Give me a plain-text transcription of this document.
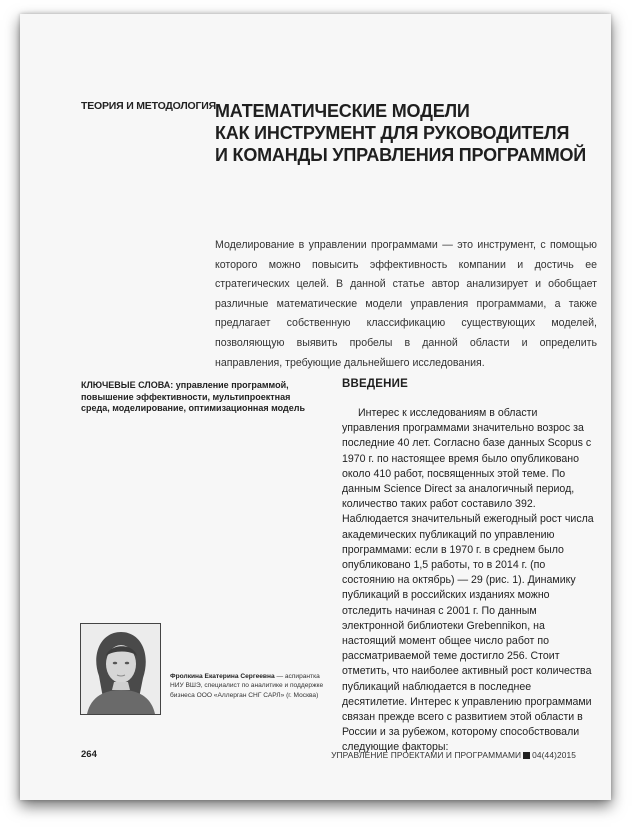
ТЕОРИЯ И МЕТОДОЛОГИЯ МАТЕМАТИЧЕСКИЕ МОДЕЛИ
КАК ИНСТРУМЕНТ ДЛЯ РУКОВОДИТЕЛЯ
И КОМАНДЫ УПРАВЛЕНИЯ ПРОГРАММОЙ

Моделирование в управлении программами — это инструмент, с помощью которого можно повысить эффективность компании и достичь ее стратегических целей. В данной статье автор анализирует и обобщает различные математические модели управления программами, а также предлагает собственную классификацию существующих моделей, позволяющую выявить пробелы в данной области и определить направления, требующие дальнейшего исследования.

КЛЮЧЕВЫЕ СЛОВА: управление программой, повышение эффективности, мультипроектная среда, моделирование, оптимизационная модель

ВВЕДЕНИЕ

Интерес к исследованиям в области управления программами значительно возрос за последние 40 лет. Согласно базе данных Scopus с 1970 г. по настоящее время было опубликовано около 410 работ, посвященных этой теме. По данным Science Direct за аналогичный период, количество таких работ составило 392. Наблюдается значительный ежегодный рост числа академических публикаций по управлению программами: если в 1970 г. в среднем было опубликовано 1,5 работы, то в 2014 г. (по состоянию на октябрь) — 29 (рис. 1). Динамику публикаций в российских изданиях можно отследить начиная с 2001 г. По данным электронной библиотеки Grebennikon, на настоящий момент общее число работ по рассматриваемой теме достигло 256. Стоит отметить, что наиболее активный рост количества публикаций наблюдается в последнее десятилетие. Интерес к управлению программами связан прежде всего с развитием этой области в России и за рубежом, которому способствовали следующие факторы:

Фролкина Екатерина Сергеевна — аспирантка НИУ ВШЭ, специалист по аналитике и поддержке бизнеса ООО «Аллерган СНГ САРЛ» (г. Москва)

264	УПРАВЛЕНИЕ ПРОЕКТАМИ И ПРОГРАММАМИ 04(44)2015
